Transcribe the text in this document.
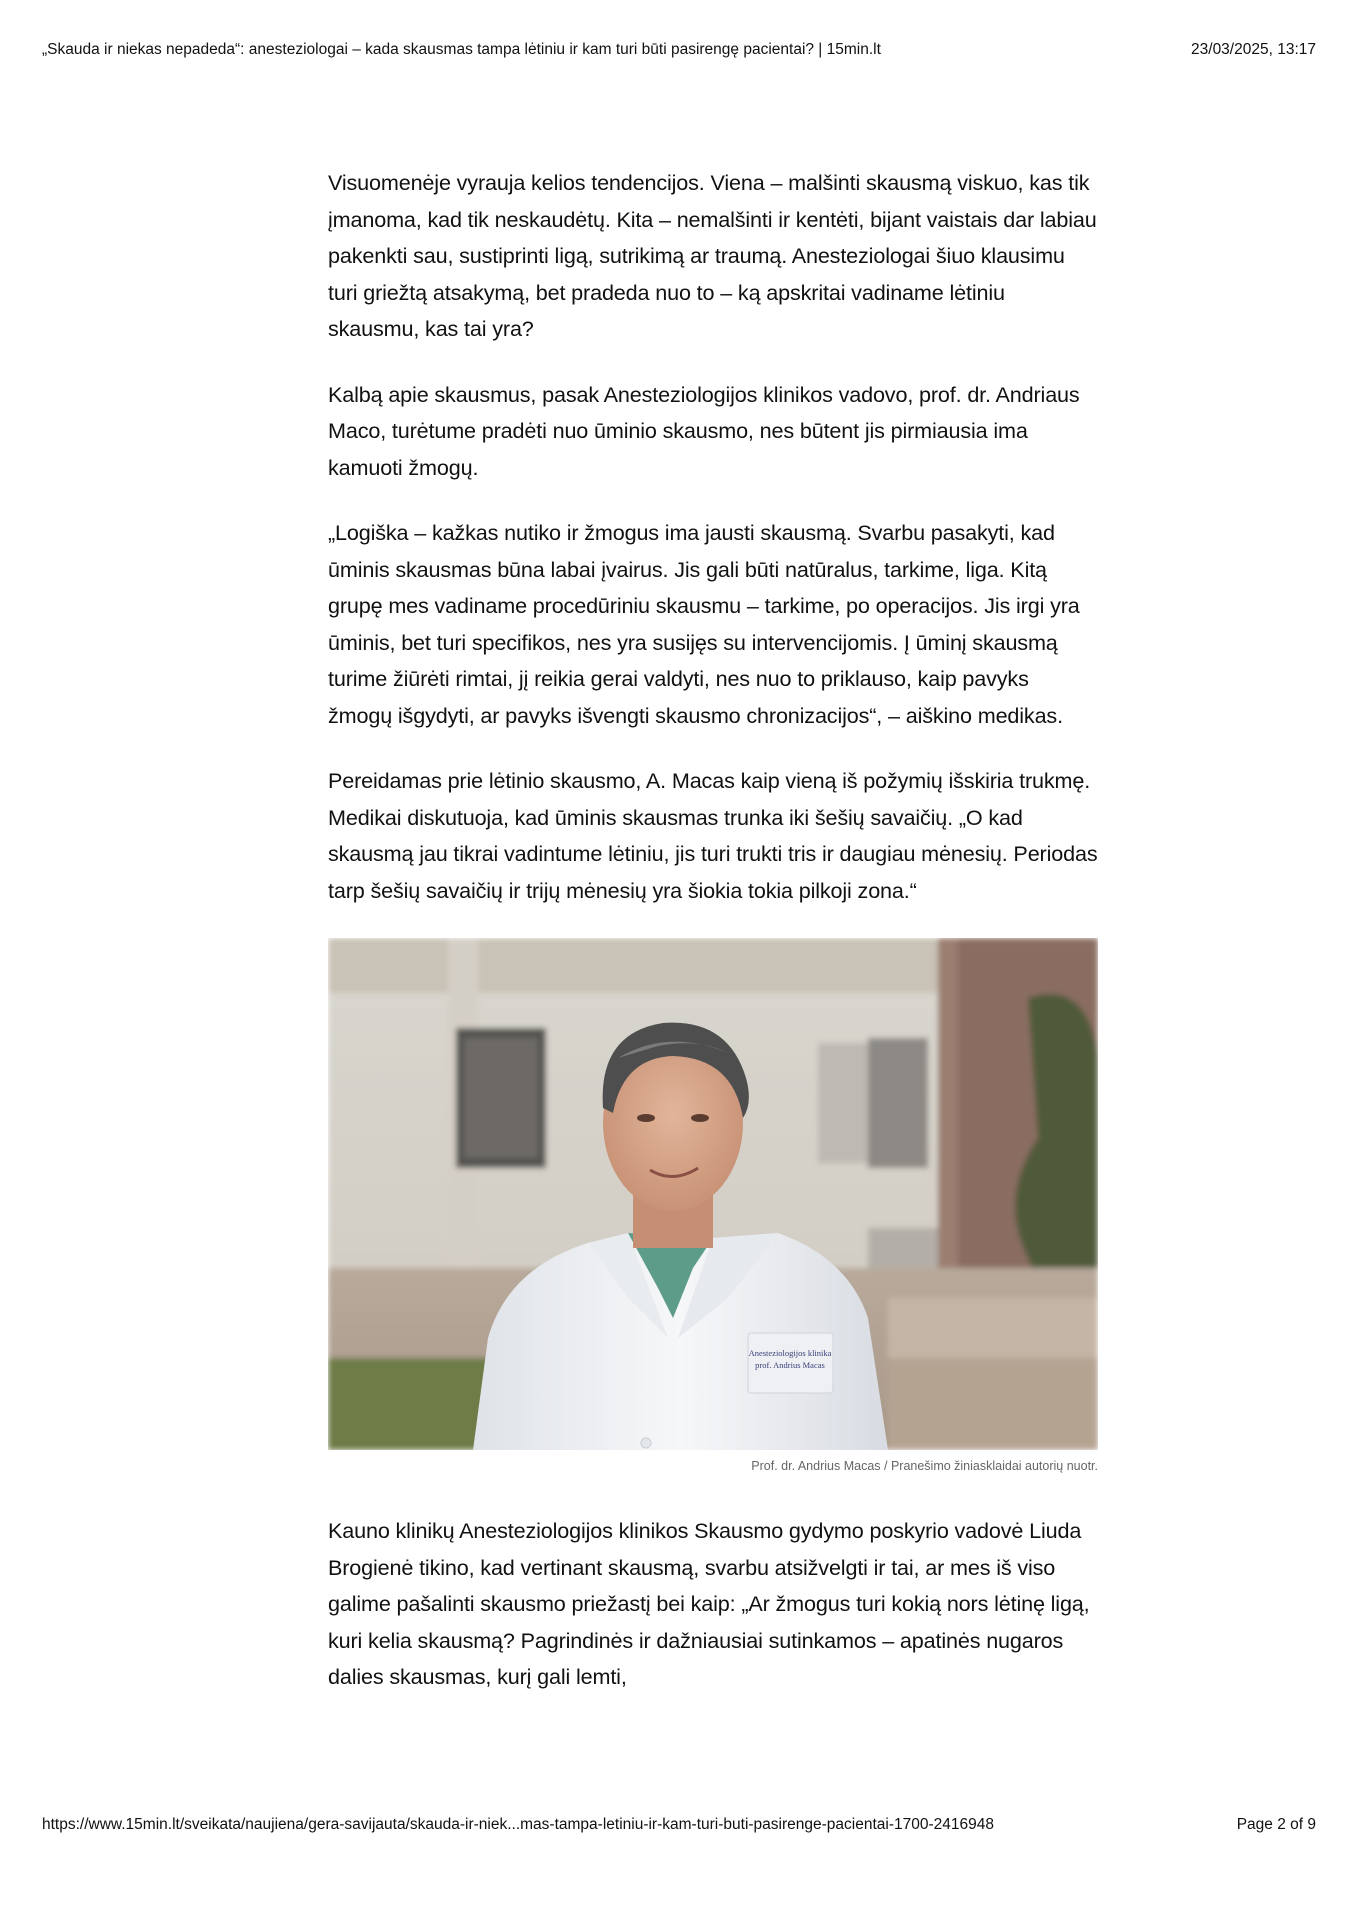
„Skauda ir niekas nepadeda“: anesteziologai – kada skausmas tampa lėtiniu ir kam turi būti pasirengę pacientai? | 15min.lt	23/03/2025, 13:17

Visuomenėje vyrauja kelios tendencijos. Viena – malšinti skausmą viskuo, kas tik įmanoma, kad tik neskaudėtų. Kita – nemalšinti ir kentėti, bijant vaistais dar labiau pakenkti sau, sustiprinti ligą, sutrikimą ar traumą. Anesteziologai šiuo klausimu turi griežtą atsakymą, bet pradeda nuo to – ką apskritai vadiname lėtiniu skausmu, kas tai yra?

Kalbą apie skausmus, pasak Anesteziologijos klinikos vadovo, prof. dr. Andriaus Maco, turėtume pradėti nuo ūminio skausmo, nes būtent jis pirmiausia ima kamuoti žmogų.

„Logiška – kažkas nutiko ir žmogus ima jausti skausmą. Svarbu pasakyti, kad ūminis skausmas būna labai įvairus. Jis gali būti natūralus, tarkime, liga. Kitą grupę mes vadiname procedūriniu skausmu – tarkime, po operacijos. Jis irgi yra ūminis, bet turi specifikos, nes yra susijęs su intervencijomis. Į ūminį skausmą turime žiūrėti rimtai, jį reikia gerai valdyti, nes nuo to priklauso, kaip pavyks žmogų išgydyti, ar pavyks išvengti skausmo chronizacijos“, – aiškino medikas.

Pereidamas prie lėtinio skausmo, A. Macas kaip vieną iš požymių išskiria trukmę. Medikai diskutuoja, kad ūminis skausmas trunka iki šešių savaičių. „O kad skausmą jau tikrai vadintume lėtiniu, jis turi trukti tris ir daugiau mėnesių. Periodas tarp šešių savaičių ir trijų mėnesių yra šiokia tokia pilkoji zona.“

Anesteziologijos klinika
prof. Andrius Macas
Prof. dr. Andrius Macas / Pranešimo žiniasklaidai autorių nuotr.

Kauno klinikų Anesteziologijos klinikos Skausmo gydymo poskyrio vadovė Liuda Brogienė tikino, kad vertinant skausmą, svarbu atsižvelgti ir tai, ar mes iš viso galime pašalinti skausmo priežastį bei kaip: „Ar žmogus turi kokią nors lėtinę ligą, kuri kelia skausmą? Pagrindinės ir dažniausiai sutinkamos – apatinės nugaros dalies skausmas, kurį gali lemti,

https://www.15min.lt/sveikata/naujiena/gera-savijauta/skauda-ir-niek...mas-tampa-letiniu-ir-kam-turi-buti-pasirenge-pacientai-1700-2416948	Page 2 of 9
